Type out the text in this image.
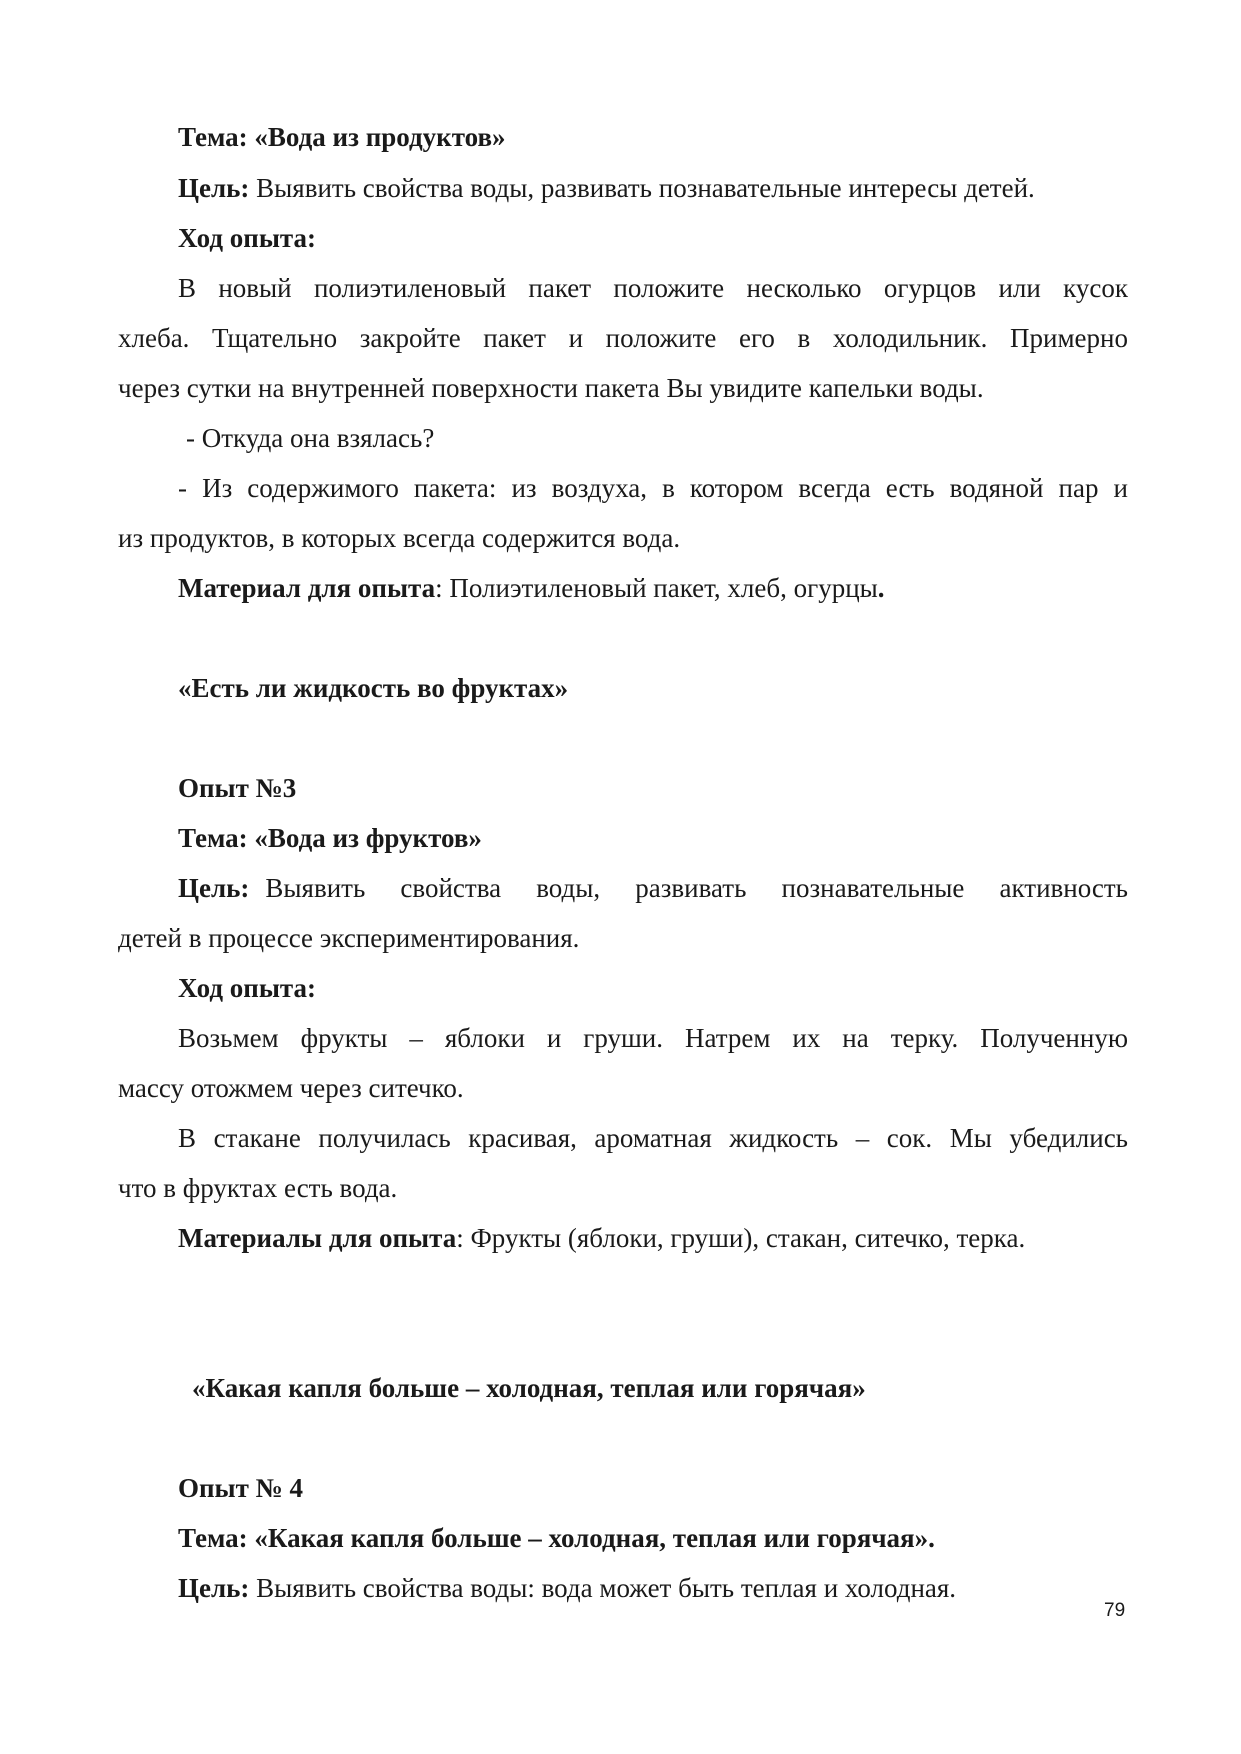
Тема: «Вода из продуктов»
Цель: Выявить свойства воды, развивать познавательные интересы детей.
Ход опыта:
В новый полиэтиленовый пакет положите несколько огурцов или кусок
хлеба. Тщательно закройте пакет и положите его в холодильник. Примерно
через сутки на внутренней поверхности пакета Вы увидите капельки воды.
- Откуда она взялась?
- Из содержимого пакета: из воздуха, в котором всегда есть водяной пар и
из продуктов, в которых всегда содержится вода.
Материал для опыта: Полиэтиленовый пакет, хлеб, огурцы.
«Есть ли жидкость во фруктах»
Опыт №3
Тема: «Вода из фруктов»
Цель: Выявить свойства воды, развивать познавательные активность
детей в процессе экспериментирования.
Ход опыта:
Возьмем фрукты – яблоки и груши. Натрем их на терку. Полученную
массу отожмем через ситечко.
В стакане получилась красивая, ароматная жидкость – сок. Мы убедились
что в фруктах есть вода.
Материалы для опыта: Фрукты (яблоки, груши), стакан, ситечко, терка.
«Какая капля больше – холодная, теплая или горячая»
Опыт № 4
Тема: «Какая капля больше – холодная, теплая или горячая».
Цель: Выявить свойства воды: вода может быть теплая и холодная.
79
